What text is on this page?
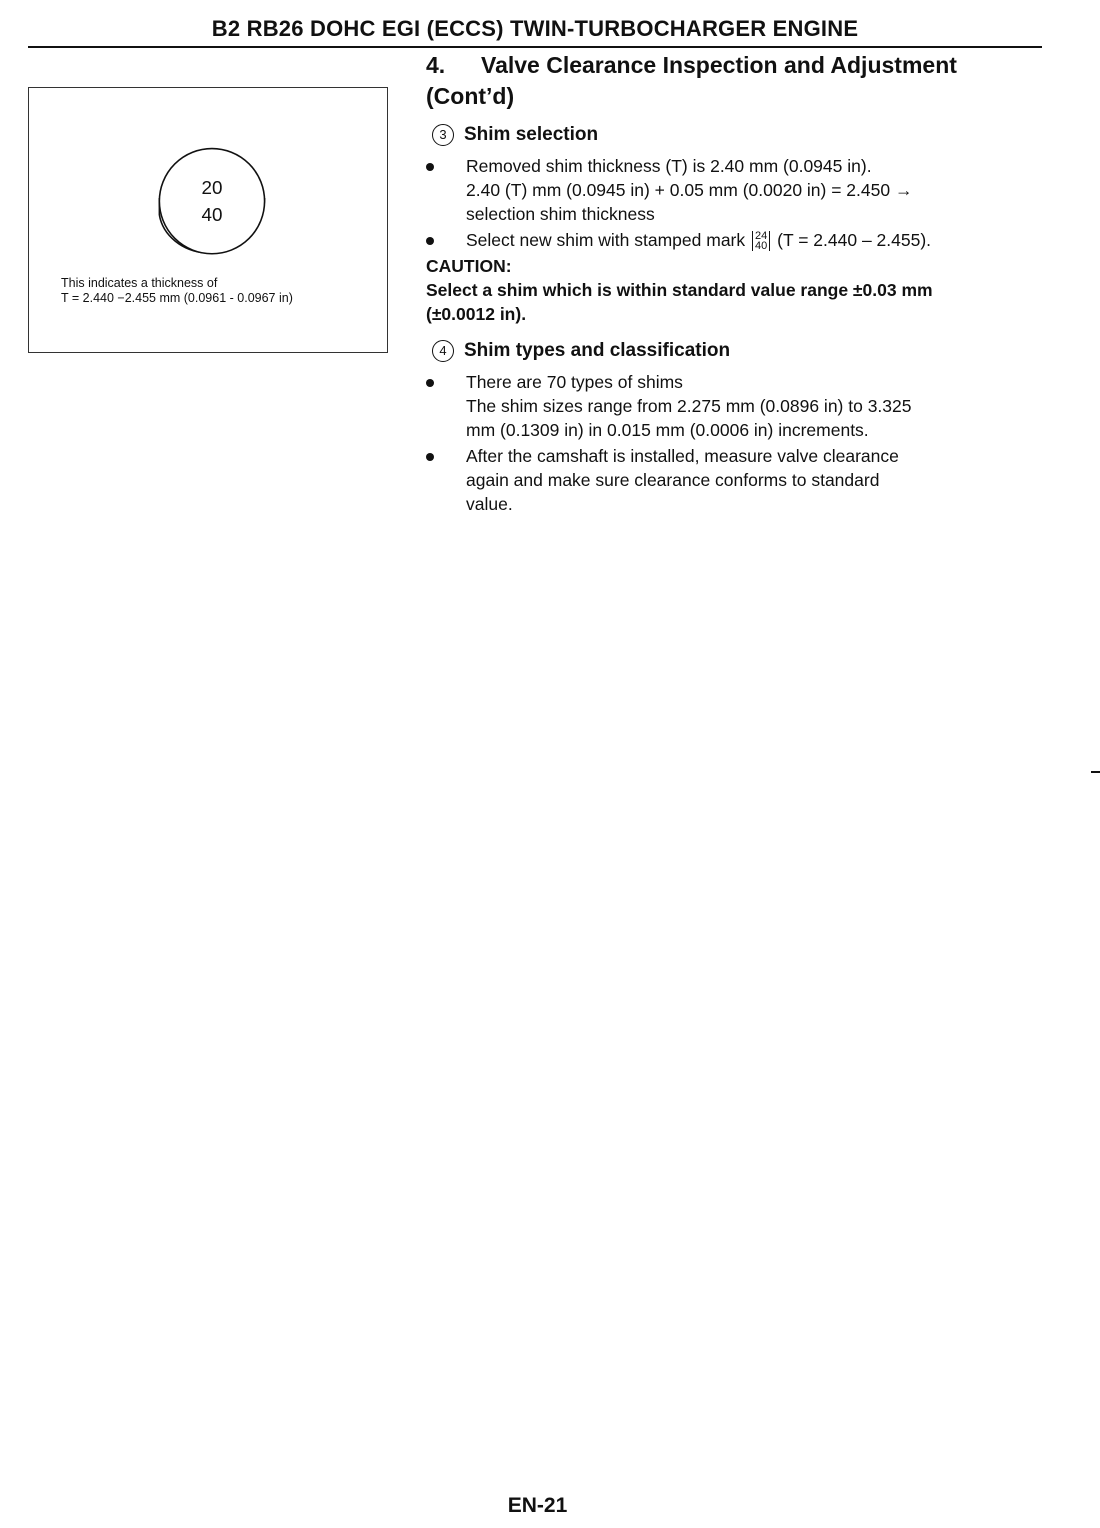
B2 RB26 DOHC EGI (ECCS) TWIN-TURBOCHARGER ENGINE
20
40
This indicates a thickness of
T = 2.440 −2.455 mm (0.0961 - 0.0967 in)
4. Valve Clearance Inspection and Adjustment
(Cont’d)
3 Shim selection
Removed shim thickness (T) is 2.40 mm (0.0945 in).
2.40 (T) mm (0.0945 in) + 0.05 mm (0.0020 in) = 2.450 →
selection shim thickness
Select new shim with stamped mark 24
40 (T = 2.440 – 2.455).
CAUTION:
Select a shim which is within standard value range ±0.03 mm
(±0.0012 in).
4 Shim types and classification
There are 70 types of shims
The shim sizes range from 2.275 mm (0.0896 in) to 3.325
mm (0.1309 in) in 0.015 mm (0.0006 in) increments.
After the camshaft is installed, measure valve clearance
again and make sure clearance conforms to standard
value.
EN-21
